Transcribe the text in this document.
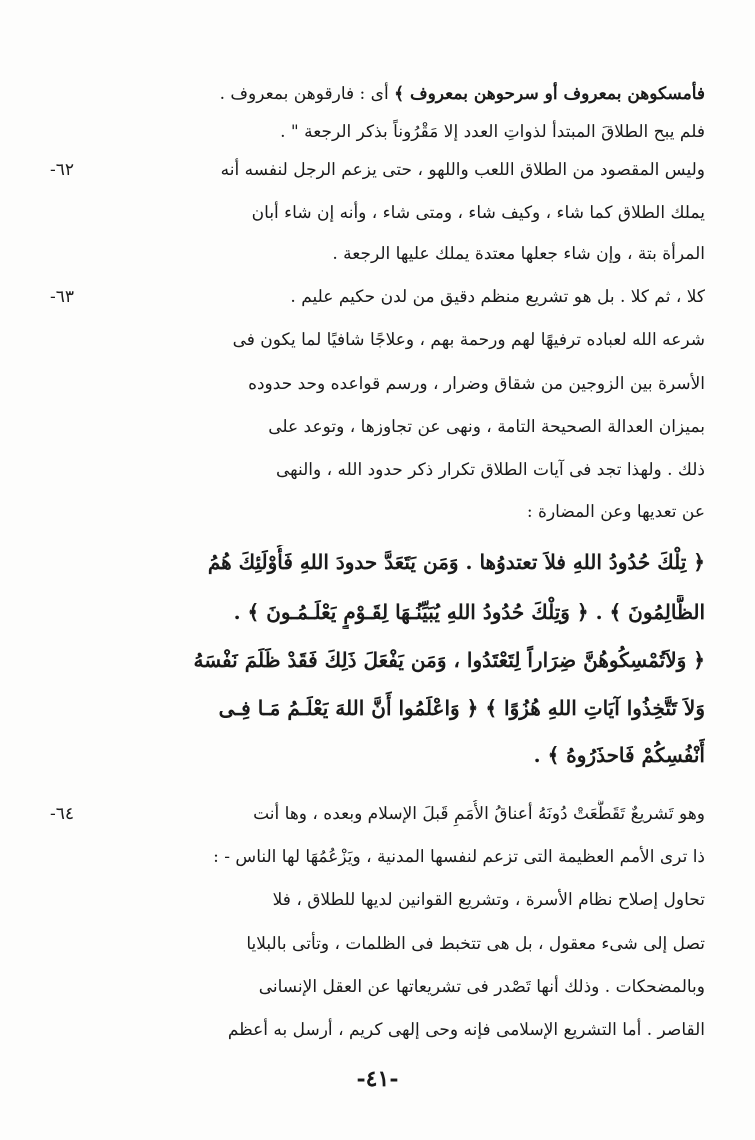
فأمسكوهن بمعروف أو سرحوهن بمعروف ﴾ أى : فارقوهن بمعروف .
فلم يبح الطلاقَ المبتدأ لذواتِ العدد إلا مَقْرُوناً بذكر الرجعة " .
٦٢-	وليس المقصود من الطلاق اللعب واللهو ، حتى يزعم الرجل لنفسه أنه
يملك الطلاق كما شاء ، وكيف شاء ، ومتى شاء ، وأنه إن شاء أبان
المرأة بتة ، وإن شاء جعلها معتدة يملك عليها الرجعة .
٦٣-	كلا ، ثم كلا . بل هو تشريع منظم دقيق من لدن حكيم عليم .
شرعه الله لعباده ترفيهًا لهم ورحمة بهم ، وعلاجًا شافيًا لما يكون فى
الأسرة بين الزوجين من شقاق وضرار ، ورسم قواعده وحد حدوده
بميزان العدالة الصحيحة التامة ، ونهى عن تجاوزها ، وتوعد على
ذلك . ولهذا تجد فى آيات الطلاق تكرار ذكر حدود الله ، والنهى
عن تعديها وعن المضارة :
﴿ تِلْكَ حُدُودُ اللهِ فلاَ تعتدوُها . وَمَن يَتَعَدَّ حدودَ اللهِ فَأُوْلَئِكَ هُمُ
الظَّالِمُونَ ﴾ . ﴿ وَتِلْكَ حُدُودُ اللهِ يُبَيِّنُـهَا لِقَـوْمٍ يَعْلَـمُـونَ ﴾ .
﴿ وَلاَتُمْسِكُوهُنَّ ضِرَاراً لِتَعْتَدُوا ، وَمَن يَفْعَلَ ذَلِكَ فَقَدْ ظَلَمَ نَفْسَهُ
وَلاَ تَتَّخِذُوا آيَاتِ اللهِ هُزُوًا ﴾ ﴿ وَاعْلَمُوا أَنَّ اللهَ يَعْلَـمُ مَـا فِـى
أَنْفُسِكُمْ فَاحذَرُوهُ ﴾ .
٦٤-	وهو تَشريعٌ تَقَطَّعَتْ دُونَهُ أعناقُ الأُمَمِ قَبلَ الإسلام وبعده ، وها أنت
ذا ترى الأمم العظيمة التى تزعم لنفسها المدنية ، ويَزْعُمُهَا لها الناس - :
تحاول إصلاح نظام الأسرة ، وتشريع القوانين لديها للطلاق ، فلا
تصل إلى شىء معقول ، بل هى تتخبط فى الظلمات ، وتأتى بالبلايا
وبالمضحكات . وذلك أنها تَصْدر فى تشريعاتها عن العقل الإنسانى
القاصر . أما التشريع الإسلامى فإنه وحى إلهى كريم ، أرسل به أعظم
-٤١-
